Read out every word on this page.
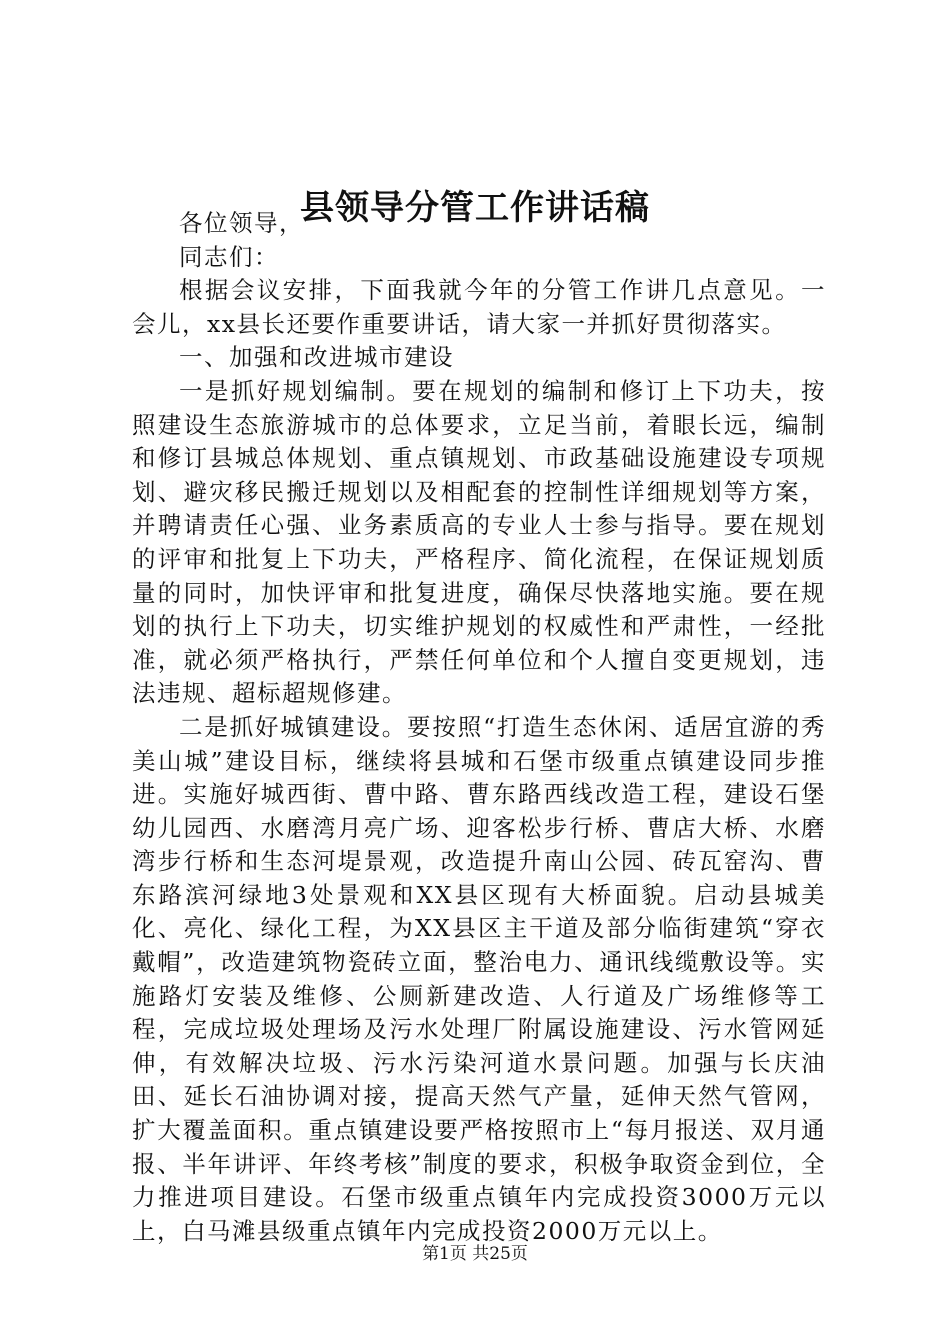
县领导分管工作讲话稿

各位领导，

同志们：

根据会议安排，下面我就今年的分管工作讲几点意见。一会儿，xx县长还要作重要讲话，请大家一并抓好贯彻落实。

一、加强和改进城市建设

一是抓好规划编制。要在规划的编制和修订上下功夫，按照建设生态旅游城市的总体要求，立足当前，着眼长远，编制和修订县城总体规划、重点镇规划、市政基础设施建设专项规划、避灾移民搬迁规划以及相配套的控制性详细规划等方案，并聘请责任心强、业务素质高的专业人士参与指导。要在规划的评审和批复上下功夫，严格程序、简化流程，在保证规划质量的同时，加快评审和批复进度，确保尽快落地实施。要在规划的执行上下功夫，切实维护规划的权威性和严肃性，一经批准，就必须严格执行，严禁任何单位和个人擅自变更规划，违法违规、超标超规修建。

二是抓好城镇建设。要按照“打造生态休闲、适居宜游的秀美山城”建设目标，继续将县城和石堡市级重点镇建设同步推进。实施好城西街、曹中路、曹东路西线改造工程，建设石堡幼儿园西、水磨湾月亮广场、迎客松步行桥、曹店大桥、水磨湾步行桥和生态河堤景观，改造提升南山公园、砖瓦窑沟、曹东路滨河绿地3处景观和XX县区现有大桥面貌。启动县城美化、亮化、绿化工程，为XX县区主干道及部分临街建筑“穿衣戴帽”，改造建筑物瓷砖立面，整治电力、通讯线缆敷设等。实施路灯安装及维修、公厕新建改造、人行道及广场维修等工程，完成垃圾处理场及污水处理厂附属设施建设、污水管网延伸，有效解决垃圾、污水污染河道水景问题。加强与长庆油田、延长石油协调对接，提高天然气产量，延伸天然气管网，扩大覆盖面积。重点镇建设要严格按照市上“每月报送、双月通报、半年讲评、年终考核”制度的要求，积极争取资金到位，全力推进项目建设。石堡市级重点镇年内完成投资3000万元以上，白马滩县级重点镇年内完成投资2000万元以上。

第1页 共25页
